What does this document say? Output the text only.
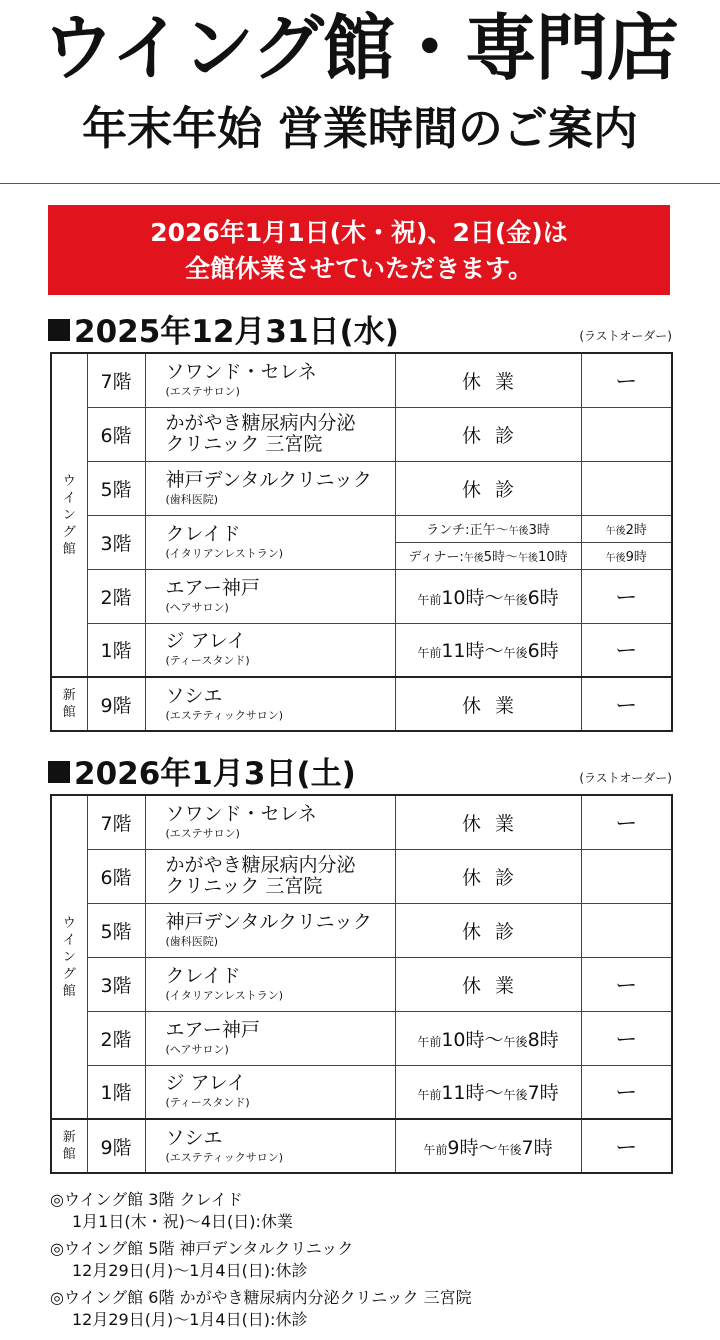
ウイング館・専門店
年末年始 営業時間のご案内
2026年1月1日(木・祝)、2日(金)は
全館休業させていただきます。
2025年12月31日(水)	(ラストオーダー)
ウ
イ
ン
グ
館	7階	ソワンド・セレネ
(エステサロン)	休業	ー
	6階	かがやき糖尿病内分泌
クリニック 三宮院	休診	
	5階	神戸デンタルクリニック
(歯科医院)	休診	
	3階	クレイド
(イタリアンレストラン)	ランチ:正午〜午後3時	午後2時
			ディナー:午後5時〜午後10時	午後9時
	2階	エアー神戸
(ヘアサロン)	午前10時〜午後6時	ー
	1階	ジ アレイ
(ティースタンド)	午前11時〜午後6時	ー

新
館	9階	ソシエ
(エステティックサロン)	休業	ー
2026年1月3日(土)	(ラストオーダー)
ウ
イ
ン
グ
館	7階	ソワンド・セレネ
(エステサロン)	休業	ー
	6階	かがやき糖尿病内分泌
クリニック 三宮院	休診	
	5階	神戸デンタルクリニック
(歯科医院)	休診	
	3階	クレイド
(イタリアンレストラン)	休業	ー
	2階	エアー神戸
(ヘアサロン)	午前10時〜午後8時	ー
	1階	ジ アレイ
(ティースタンド)	午前11時〜午後7時	ー

新
館	9階	ソシエ
(エステティックサロン)	午前9時〜午後7時	ー
◎ウイング館 3階 クレイド
1月1日(木・祝)〜4日(日):休業
◎ウイング館 5階 神戸デンタルクリニック
12月29日(月)〜1月4日(日):休診
◎ウイング館 6階 かがやき糖尿病内分泌クリニック 三宮院
12月29日(月)〜1月4日(日):休診
